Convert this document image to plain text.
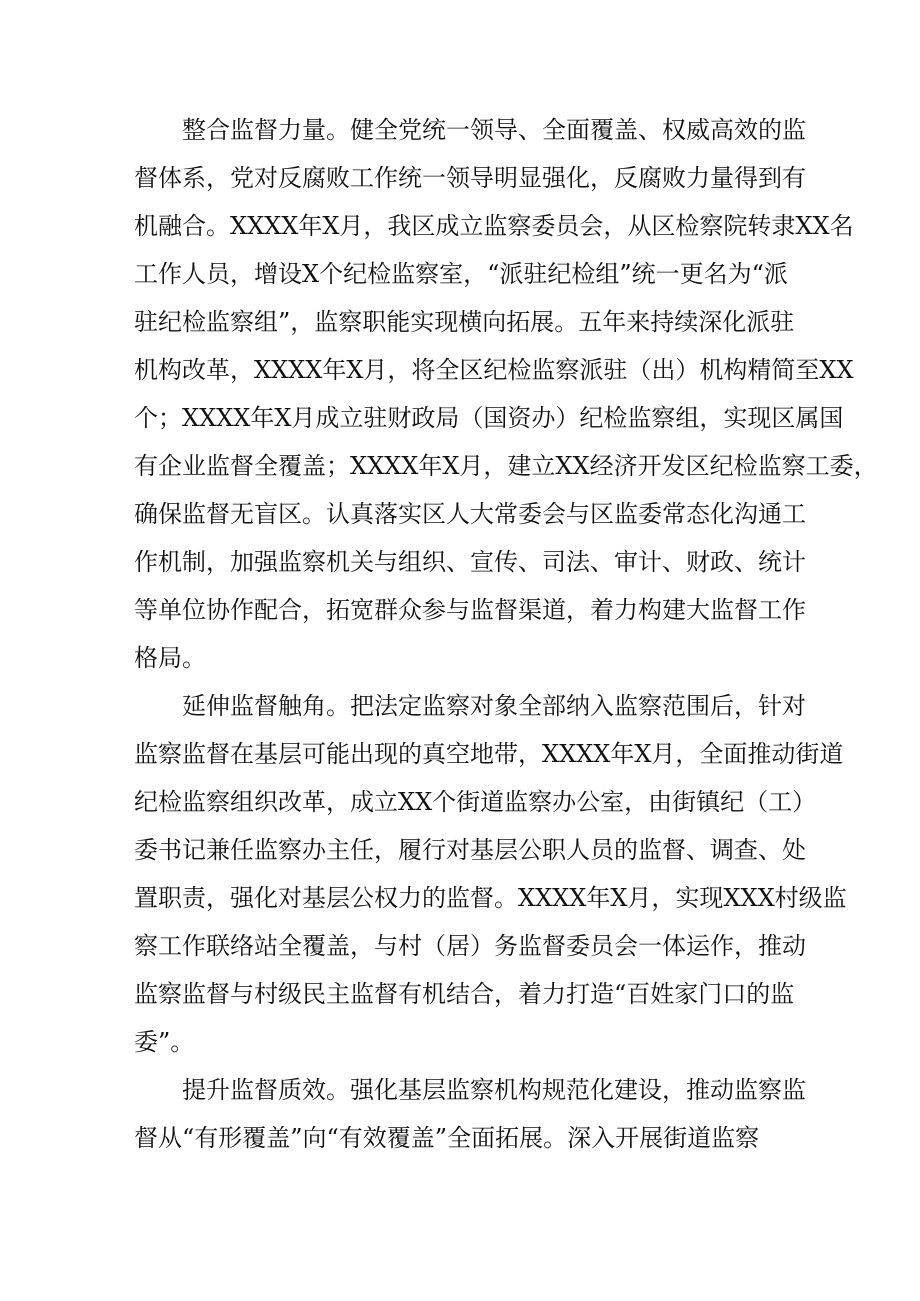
整合监督力量。健全党统一领导、全面覆盖、权威高效的监
督体系，党对反腐败工作统一领导明显强化，反腐败力量得到有
机融合。XXXX年X月，我区成立监察委员会，从区检察院转隶XX名
工作人员，增设X个纪检监察室，“派驻纪检组”统一更名为“派
驻纪检监察组”，监察职能实现横向拓展。五年来持续深化派驻
机构改革，XXXX年X月，将全区纪检监察派驻（出）机构精简至XX
个；XXXX年X月成立驻财政局（国资办）纪检监察组，实现区属国
有企业监督全覆盖；XXXX年X月，建立XX经济开发区纪检监察工委，
确保监督无盲区。认真落实区人大常委会与区监委常态化沟通工
作机制，加强监察机关与组织、宣传、司法、审计、财政、统计
等单位协作配合，拓宽群众参与监督渠道，着力构建大监督工作
格局。
延伸监督触角。把法定监察对象全部纳入监察范围后，针对
监察监督在基层可能出现的真空地带，XXXX年X月，全面推动街道
纪检监察组织改革，成立XX个街道监察办公室，由街镇纪（工）
委书记兼任监察办主任，履行对基层公职人员的监督、调查、处
置职责，强化对基层公权力的监督。XXXX年X月，实现XXX村级监
察工作联络站全覆盖，与村（居）务监督委员会一体运作，推动
监察监督与村级民主监督有机结合，着力打造“百姓家门口的监
委”。
提升监督质效。强化基层监察机构规范化建设，推动监察监
督从“有形覆盖”向“有效覆盖”全面拓展。深入开展街道监察
